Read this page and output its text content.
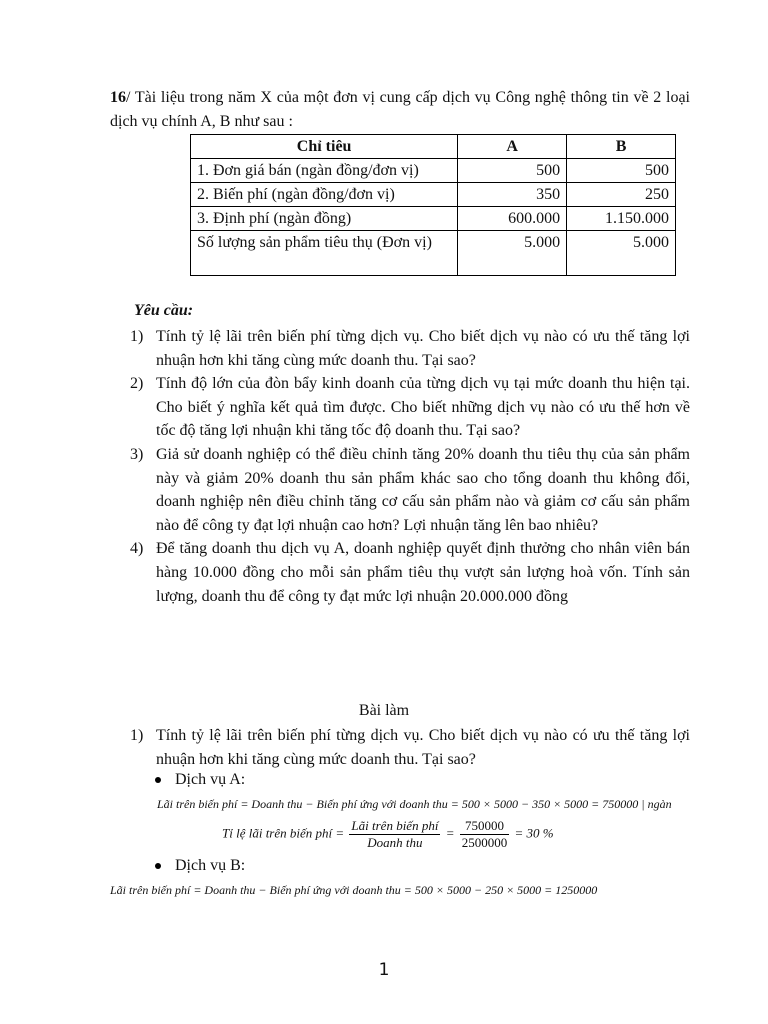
16/ Tài liệu trong năm X của một đơn vị cung cấp dịch vụ Công nghệ thông tin về 2 loại dịch vụ chính A, B như sau :
Chỉ tiêu	A	B
1. Đơn giá bán (ngàn đồng/đơn vị)	500	500
2. Biến phí (ngàn đồng/đơn vị)	350	250
3. Định phí (ngàn đồng)	600.000	1.150.000
Số lượng sản phẩm tiêu thụ (Đơn vị)	5.000	5.000
Yêu cầu:
1) Tính tỷ lệ lãi trên biến phí từng dịch vụ. Cho biết dịch vụ nào có ưu thế tăng lợi nhuận hơn khi tăng cùng mức doanh thu. Tại sao?
2) Tính độ lớn của đòn bẩy kinh doanh của từng dịch vụ tại mức doanh thu hiện tại. Cho biết ý nghĩa kết quả tìm được. Cho biết những dịch vụ nào có ưu thế hơn về tốc độ tăng lợi nhuận khi tăng tốc độ doanh thu. Tại sao?
3) Giả sử doanh nghiệp có thể điều chỉnh tăng 20% doanh thu tiêu thụ của sản phẩm này và giảm 20% doanh thu sản phẩm khác sao cho tổng doanh thu không đổi, doanh nghiệp nên điều chỉnh tăng cơ cấu sản phẩm nào và giảm cơ cấu sản phẩm nào để công ty đạt lợi nhuận cao hơn? Lợi nhuận tăng lên bao nhiêu?
4) Để tăng doanh thu dịch vụ A, doanh nghiệp quyết định thưởng cho nhân viên bán hàng 10.000 đồng cho mỗi sản phẩm tiêu thụ vượt sản lượng hoà vốn. Tính sản lượng, doanh thu để công ty đạt mức lợi nhuận 20.000.000 đồng
Bài làm
1) Tính tỷ lệ lãi trên biến phí từng dịch vụ. Cho biết dịch vụ nào có ưu thế tăng lợi nhuận hơn khi tăng cùng mức doanh thu. Tại sao?
Dịch vụ A:
Lãi trên biến phí = Doanh thu − Biến phí ứng với doanh thu = 500 × 5000 − 350 × 5000 = 750000 | ngàn
Tỉ lệ lãi trên biến phí = $\frac{\text{Lãi trên biến phí}}{\text{Doanh thu}} = \frac{750000}{2500000} = 30$ %
Dịch vụ B:
Lãi trên biến phí = Doanh thu − Biến phí ứng với doanh thu = 500 × 5000 − 250 × 5000 = 1250000
1
